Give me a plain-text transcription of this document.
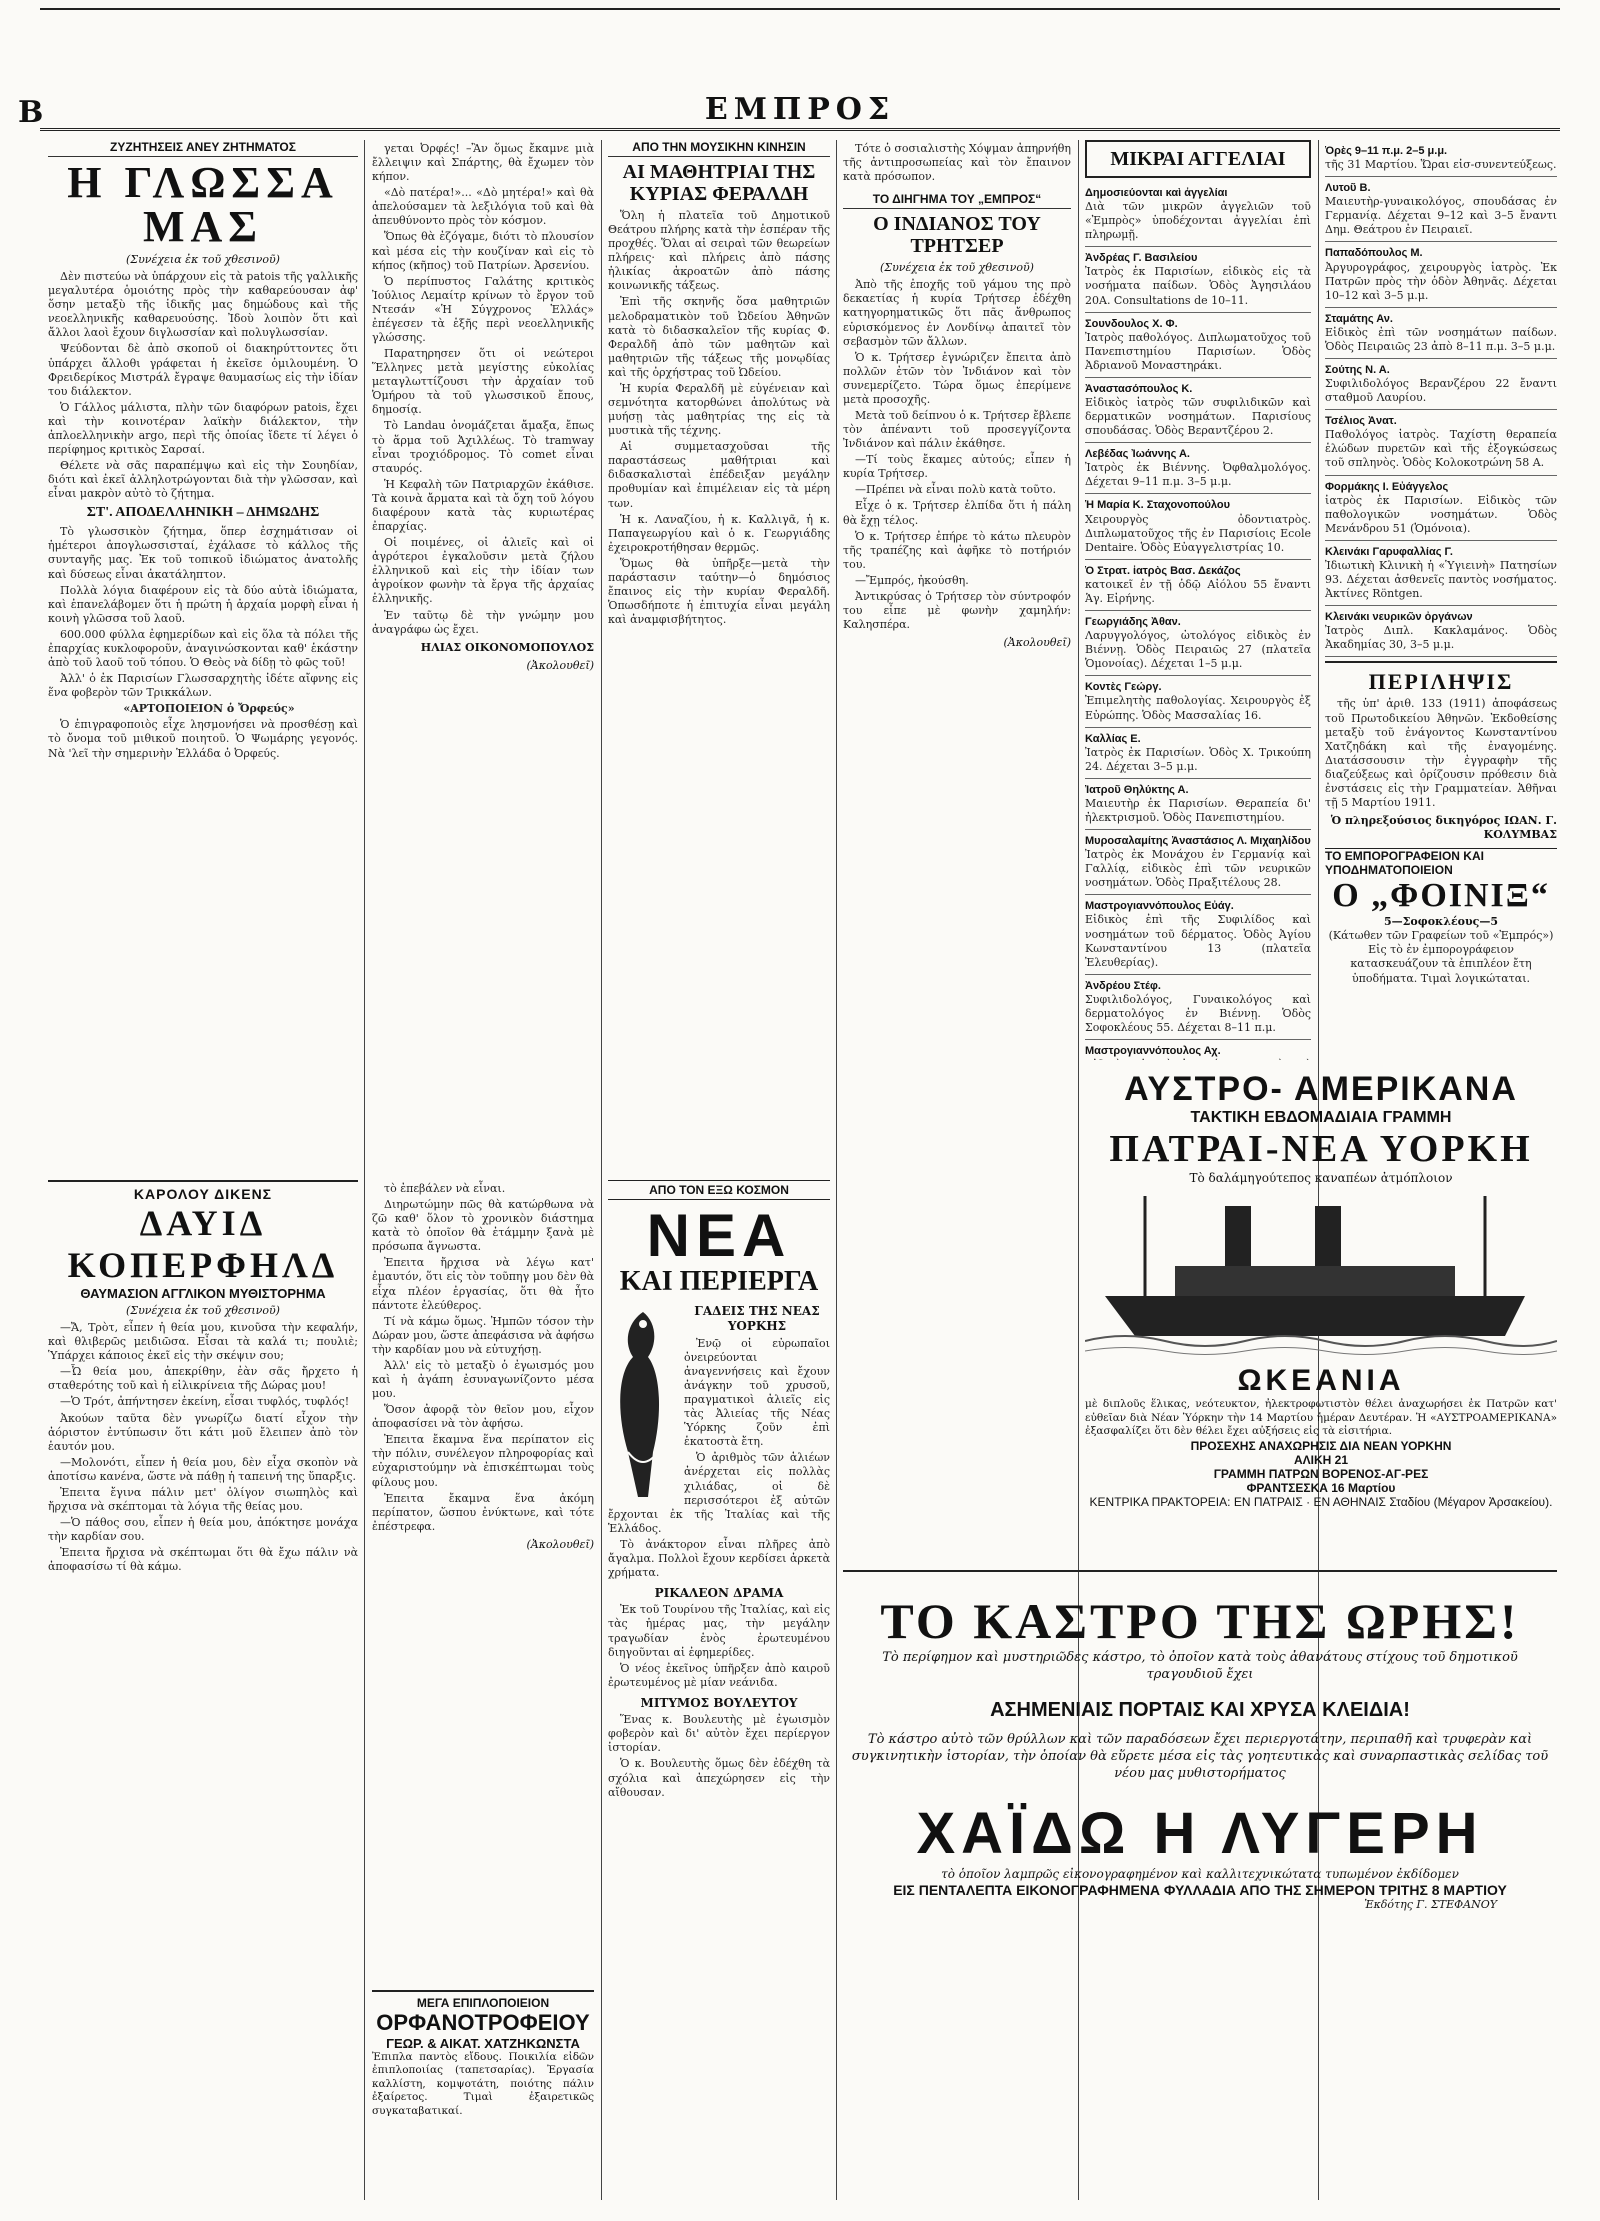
Β	ΕΜΠΡΟΣ
ΖΥΖΗΤΗΣΕΙΣ ΑΝΕΥ ΖΗΤΗΜΑΤΟΣ
Η ΓΛΩΣΣΑ ΜΑΣ
(Συνέχεια ἐκ τοῦ χθεσινοῦ)

Δὲν πιστεύω νὰ ὑπάρχουν εἰς τὰ patois τῆς γαλλικῆς μεγαλυτέρα ὁμοιότης πρὸς τὴν καθαρεύουσαν ἀφ' ὅσην μεταξὺ τῆς ἰδικῆς μας δημώδους καὶ τῆς νεοελληνικῆς καθαρευούσης. Ἰδοὺ λοιπὸν ὅτι καὶ ἄλλοι λαοὶ ἔχουν διγλωσσίαν καὶ πολυγλωσσίαν.

Ψεύδονται δὲ ἀπὸ σκοποῦ οἱ διακηρύττοντες ὅτι ὑπάρχει ἄλλοθι γράφεται ἡ ἐκεῖσε ὁμιλουμένη. Ὁ Φρειδερίκος Μιστράλ ἔγραψε θαυμασίως εἰς τὴν ἰδίαν του διάλεκτον.

Ὁ Γάλλος μάλιστα, πλὴν τῶν διαφόρων patois, ἔχει καὶ τὴν κοινοτέραν λαϊκὴν διάλεκτον, τὴν ἀπλοελληνικὴν argo, περὶ τῆς ὁποίας ἴδετε τί λέγει ὁ περίφημος κριτικὸς Σαρσαί.

Θέλετε νὰ σᾶς παραπέμψω καὶ εἰς τὴν Σουηδίαν, διότι καὶ ἐκεῖ ἀλληλοτρώγονται διὰ τὴν γλῶσσαν, καὶ εἶναι μακρὸν αὐτὸ τὸ ζήτημα.

ΣΤ'. ΑΠΟΔΕΛΛΗΝΙΚΗ – ΔΗΜΩΔΗΣ

Τὸ γλωσσικὸν ζήτημα, ὅπερ ἐσχημάτισαν οἱ ἡμέτεροι ἀπογλωσσισταί, ἐχάλασε τὸ κάλλος τῆς συνταγῆς μας. Ἐκ τοῦ τοπικοῦ ἰδιώματος ἀνατολῆς καὶ δύσεως εἶναι ἀκατάληπτον.

Πολλὰ λόγια διαφέρουν εἰς τὰ δύο αὐτὰ ἰδιώματα, καὶ ἐπανελάβομεν ὅτι ἡ πρώτη ἡ ἀρχαία μορφὴ εἶναι ἡ κοινὴ γλῶσσα τοῦ λαοῦ.

600.000 φύλλα ἐφημερίδων καὶ εἰς ὅλα τὰ πόλει τῆς ἐπαρχίας κυκλοφοροῦν, ἀναγινώσκονται καθ' ἑκάστην ἀπὸ τοῦ λαοῦ τοῦ τόπου. Ὁ Θεὸς νὰ δίδῃ τὸ φῶς τοῦ!

Ἀλλ' ὁ ἐκ Παρισίων Γλωσσαρχητὴς ἰδέτε αἴφνης εἰς ἕνα φοβερὸν τῶν Τρικκάλων.

«ΑΡΤΟΠΟΙΕΙΟΝ ὁ Ὄρφεύς»

Ὁ ἐπιγραφοποιὸς εἶχε λησμονήσει νὰ προσθέσῃ καὶ τὸ ὄνομα τοῦ μιθικοῦ ποιητοῦ. Ὁ Ψωμάρης γεγονός. Νὰ 'λεῖ τὴν σημερινὴν Ἑλλάδα ὁ Ὀρφεύς.

ΚΑΡΟΛΟΥ ΔΙΚΕΝΣ
ΔΑΥΙΔ ΚΟΠΕΡΦΗΛΔ
ΘΑΥΜΑΣΙΟΝ ΑΓΓΛΙΚΟΝ ΜΥΘΙΣΤΟΡΗΜΑ
(Συνέχεια ἐκ τοῦ χθεσινοῦ)

—Ἄ, Τρὸτ, εἶπεν ἡ θεία μου, κινοῦσα τὴν κεφαλήν, καὶ θλιβερῶς μειδιῶσα. Εἶσαι τὰ καλά τι; πουλιὲ; Ὑπάρχει κάποιος ἐκεῖ εἰς τὴν σκέψιν σου;

—Ὦ θεία μου, ἀπεκρίθην, ἐὰν σᾶς ἤρχετο ἡ σταθερότης τοῦ καὶ ἡ εἰλικρίνεια τῆς Δώρας μου!

—Ὁ Τρότ, ἀπήντησεν ἐκείνη, εἶσαι τυφλός, τυφλός!

Ἀκούων ταῦτα δὲν γνωρίζω διατί εἶχον τὴν ἀόριστον ἐντύπωσιν ὅτι κάτι μοῦ ἔλειπεν ἀπὸ τὸν ἑαυτόν μου.

—Μολονότι, εἶπεν ἡ θεία μου, δὲν εἶχα σκοπὸν νὰ ἀποτίσω κανένα, ὥστε νὰ πάθῃ ἡ ταπεινή της ὕπαρξις.

Ἐπειτα ἔγινα πάλιν μετ' ὀλίγον σιωπηλὸς καὶ ἤρχισα νὰ σκέπτομαι τὰ λόγια τῆς θείας μου.

—Ὁ πάθος σου, εἶπεν ἡ θεία μου, ἀπόκτησε μονάχα τὴν καρδίαν σου.

Ἐπειτα ἤρχισα νὰ σκέπτωμαι ὅτι θὰ ἔχω πάλιν νὰ ἀποφασίσω τί θὰ κάμω.

γεται Ὀρφές! –Ἂν ὅμως ἔκαμνε μιὰ ἔλλειψιν καὶ Σπάρτης, θὰ ἔχωμεν τὸν κήπον.

«Δὸ πατέρα!»... «Δὸ μητέρα!» καὶ θὰ ἀπελούσαμεν τὰ λεξιλόγια τοῦ καὶ θὰ ἀπευθύνοντο πρὸς τὸν κόσμον.

Ὅπως θὰ ἐζόγαμε, διότι τὸ πλουσίον καὶ μέσα εἰς τὴν κουζίναν καὶ εἰς τὸ κήπος (κῆπος) τοῦ Πατρίων. Ἀρσενίου.

Ὁ περίπυστος Γαλάτης κριτικὸς Ἰούλιος Λεμαίτρ κρίνων τὸ ἔργον τοῦ Ντεσάν «Ἡ Σύγχρονος Ἑλλάς» ἐπέγεσεν τὰ ἑξῆς περὶ νεοελληνικῆς γλώσσης.

Παρατηρησεν ὅτι οἱ νεώτεροι Ἕλληνες μετὰ μεγίστης εὐκολίας μεταγλωττίζουσι τὴν ἀρχαίαν τοῦ Ὁμήρου τὰ τοῦ γλωσσικοῦ ἔπους, δημοσίᾳ.

Τὸ Landau ὀνομάζεται ἄμαξα, ἔπως τὸ ἅρμα τοῦ Ἀχιλλέως. Τὸ tramway εἶναι τροχιόδρομος. Τὸ comet εἶναι σταυρός.

Ἡ Κεφαλὴ τῶν Πατριαρχῶν ἐκάθισε. Τὰ κοινὰ ἄρματα καὶ τὰ ὄχη τοῦ λόγου διαφέρουν κατὰ τὰς κυριωτέρας ἐπαρχίας.

Οἱ ποιμένες, οἱ ἀλιεῖς καὶ οἱ ἀγρότεροι ἐγκαλοῦσιν μετὰ ζήλου ἐλληνικοῦ καὶ εἰς τὴν ἰδίαν των ἀγροίκον φωνὴν τὰ ἔργα τῆς ἀρχαίας ἑλληνικῆς.

Ἐν ταῦτῳ δὲ τὴν γνώμην μου ἀναγράφω ὡς ἔχει.

ΗΛΙΑΣ ΟΙΚΟΝΟΜΟΠΟΥΛΟΣ
(Ἀκολουθεῖ)

τὸ ἐπεβάλεν νὰ εἶναι.

Διηρωτώμην πῶς θὰ κατώρθωνα νὰ ζῶ καθ' ὅλον τὸ χρονικὸν διάστημα κατὰ τὸ ὁποῖον θὰ ἐτάμμην ξανὰ μὲ πρόσωπα ἄγνωστα.

Ἐπειτα ἤρχισα νὰ λέγω κατ' ἐμαυτόν, ὅτι εἰς τὸν τοῦπηγ μου δὲν θὰ εἶχα πλέον ἐργασίας, ὅτι θὰ ἦτο πάντοτε ἐλεύθερος.

Τί νὰ κάμω ὅμως. Ἠμπῶν τόσον τὴν Δώραν μου, ὥστε ἀπεφάσισα νὰ ἀφήσω τὴν καρδίαν μου νὰ εὐτυχήσῃ.

Ἀλλ' εἰς τὸ μεταξὺ ὁ ἐγωισμός μου καὶ ἡ ἀγάπη ἐσυναγωνίζοντο μέσα μου.

Ὅσον ἀφορᾷ τὸν θεῖον μου, εἶχον ἀποφασίσει νὰ τὸν ἀφήσω.

Ἐπειτα ἔκαμνα ἕνα περίπατον εἰς τὴν πόλιν, συνέλεγον πληροφορίας καὶ εὐχαριστούμην νὰ ἐπισκέπτωμαι τοὺς φίλους μου.

Ἐπειτα ἔκαμνα ἕνα ἀκόμη περίπατον, ὥσπου ἐνύκτωνε, καὶ τότε ἐπέστρεφα.

(Ἀκολουθεῖ)
ΜΕΓΑ ΕΠΙΠΛΟΠΟΙΕΙΟΝ
ΟΡΦΑΝΟΤΡΟΦΕΙΟΥ
ΓΕΩΡ. & ΑΙΚΑΤ. ΧΑΤΖΗΚΩΝΣΤΑ
Ἐπιπλα παντὸς εἴδους. Ποικιλία εἰδῶν ἐπιπλοποιίας (ταπετσαρίας). Ἐργασία καλλίστη, κομψοτάτη, ποιότης πάλιν ἐξαίρετος. Τιμαὶ ἐξαιρετικῶς συγκαταβατικαί.
ΑΠΟ ΤΗΝ ΜΟΥΣΙΚΗΝ ΚΙΝΗΣΙΝ
ΑΙ ΜΑΘΗΤΡΙΑΙ ΤΗΣ ΚΥΡΙΑΣ ΦΕΡΑΛΔΗ

Ὅλη ἡ πλατεῖα τοῦ Δημοτικοῦ Θεάτρου πλήρης κατὰ τὴν ἑσπέραν τῆς προχθές. Ὅλαι αἱ σειραὶ τῶν θεωρείων πλήρεις· καὶ πλήρεις ἀπὸ πάσης ἡλικίας ἀκροατῶν ἀπὸ πάσης κοινωνικῆς τάξεως.

Ἐπὶ τῆς σκηνῆς ὅσα μαθητριῶν μελοδραματικὸν τοῦ Ὠδείου Ἀθηνῶν κατὰ τὸ διδασκαλεῖον τῆς κυρίας Φ. Φεραλδῆ ἀπὸ τῶν μαθητῶν καὶ μαθητριῶν τῆς τάξεως τῆς μονῳδίας καὶ τῆς ὀρχήστρας τοῦ Ὠδείου.

Ἡ κυρία Φεραλδῆ μὲ εὐγένειαν καὶ σεμνότητα κατορθώνει ἀπολύτως νὰ μυήσῃ τὰς μαθητρίας της εἰς τὰ μυστικὰ τῆς τέχνης.

Αἱ συμμετασχοῦσαι τῆς παραστάσεως μαθήτριαι καὶ διδασκαλισταὶ ἐπέδειξαν μεγάλην προθυμίαν καὶ ἐπιμέλειαν εἰς τὰ μέρη των.

Ἡ κ. Λαναζίου, ἡ κ. Καλλιγᾶ, ἡ κ. Παπαγεωργίου καὶ ὁ κ. Γεωργιάδης ἐχειροκροτήθησαν θερμῶς.

Ὅμως θὰ ὑπῆρξε—μετὰ τὴν παράστασιν ταύτην—ὁ δημόσιος ἔπαινος εἰς τὴν κυρίαν Φεραλδῆ. Ὁπωσδήποτε ἡ ἐπιτυχία εἶναι μεγάλη καὶ ἀναμφισβήτητος.

ΑΠΟ ΤΟΝ ΕΞΩ ΚΟΣΜΟΝ
ΝΕΑ
ΚΑΙ ΠΕΡΙΕΡΓΑ
ΓΑΔΕΙΣ ΤΗΣ ΝΕΑΣ ΥΟΡΚΗΣ

Ἐνῷ οἱ εὐρωπαῖοι ὀνειρεύονται ἀναγεννήσεις καὶ ἔχουν ἀνάγκην τοῦ χρυσοῦ, πραγματικοὶ ἀλιεῖς εἰς τὰς Ἀλιείας τῆς Νέας Ὑόρκης ζοῦν ἐπὶ ἑκατοστὰ ἔτη.

Ὁ ἀριθμὸς τῶν ἁλιέων ἀνέρχεται εἰς πολλὰς χιλιάδας, οἱ δὲ περισσότεροι ἐξ αὐτῶν ἔρχονται ἐκ τῆς Ἰταλίας καὶ τῆς Ἑλλάδος.

Τὸ ἀνάκτορον εἶναι πλῆρες ἀπὸ ἄγαλμα. Πολλοὶ ἔχουν κερδίσει ἀρκετὰ χρήματα.

ΡΙΚΑΛΕΟΝ ΔΡΑΜΑ

Ἐκ τοῦ Τουρίνου τῆς Ἰταλίας, καὶ εἰς τὰς ἡμέρας μας, τὴν μεγάλην τραγωδίαν ἑνὸς ἐρωτευμένου διηγοῦνται αἱ ἐφημερίδες.

Ὁ νέος ἐκεῖνος ὑπῆρξεν ἀπὸ καιροῦ ἐρωτευμένος μὲ μίαν νεάνιδα.

ΜΙΤΥΜΟΣ ΒΟΥΛΕΥΤΟΥ

Ἕνας κ. Βουλευτὴς μὲ ἐγωισμὸν φοβερὸν καὶ δι' αὐτὸν ἔχει περίεργον ἱστορίαν.

Ὁ κ. Βουλευτὴς ὅμως δὲν ἐδέχθη τὰ σχόλια καὶ ἀπεχώρησεν εἰς τὴν αἴθουσαν.

Τότε ὁ σοσιαλιστὴς Χόψμαν ἀπηρνήθη τῆς ἀντιπροσωπείας καὶ τὸν ἔπαινον κατὰ πρόσωπον.

ΤΟ ΔΙΗΓΗΜΑ ΤΟΥ „ΕΜΠΡΟΣ“
Ο ΙΝΔΙΑΝΟΣ ΤΟΥ ΤΡΗΤΣΕΡ
(Συνέχεια ἐκ τοῦ χθεσινοῦ)

Ἀπὸ τῆς ἐποχῆς τοῦ γάμου της πρὸ δεκαετίας ἡ κυρία Τρήτσερ ἐδέχθη κατηγορηματικῶς ὅτι πᾶς ἄνθρωπος εὑρισκόμενος ἐν Λονδίνῳ ἀπαιτεῖ τὸν σεβασμὸν τῶν ἄλλων.

Ὁ κ. Τρήτσερ ἐγνώριζεν ἔπειτα ἀπὸ πολλῶν ἐτῶν τὸν Ἰνδιάνον καὶ τὸν συνεμερίζετο. Τώρα ὅμως ἐπερίμενε μετὰ προσοχῆς.

Μετὰ τοῦ δείπνου ὁ κ. Τρήτσερ ἔβλεπε τὸν ἀπέναντι τοῦ προσεγγίζοντα Ἰνδιάνον καὶ πάλιν ἐκάθησε.

—Τί τοὺς ἔκαμες αὐτούς; εἶπεν ἡ κυρία Τρήτσερ.

—Πρέπει νὰ εἶναι πολὺ κατὰ τοῦτο.

Εἶχε ὁ κ. Τρήτσερ ἐλπίδα ὅτι ἡ πάλη θὰ ἔχῃ τέλος.

Ὁ κ. Τρήτσερ ἐπήρε τὸ κάτω πλευρὸν τῆς τραπέζης καὶ ἀφῆκε τὸ ποτήριόν του.

—Ἔμπρός, ἠκούσθη.

Ἀντικρύσας ὁ Τρήτσερ τὸν σύντροφόν του εἶπε μὲ φωνὴν χαμηλήν: Καλησπέρα.

(Ἀκολουθεῖ)
ΜΙΚΡΑΙ ΑΓΓΕΛΙΑΙ
Δημοσιεύονται καὶ ἀγγελίαι
Διὰ τῶν μικρῶν ἀγγελιῶν τοῦ «Ἐμπρὸς» ὑποδέχονται ἀγγελίαι ἐπὶ πληρωμῇ.
Ἀνδρέας Γ. Βασιλείου
Ἰατρὸς ἐκ Παρισίων, εἰδικὸς εἰς τὰ νοσήματα παίδων. Ὁδὸς Ἀγησιλάου 20Α. Consultations de 10–11.
Σουνδουλος Χ. Φ.
Ἰατρὸς παθολόγος. Διπλωματοῦχος τοῦ Πανεπιστημίου Παρισίων. Ὁδὸς Ἀδριανοῦ Μοναστηράκι.
Ἀναστασόπουλος Κ.
Εἰδικὸς ἰατρὸς τῶν συφιλιδικῶν καὶ δερματικῶν νοσημάτων. Παρισίους σπουδάσας. Ὁδὸς Βεραντζέρου 2.
Λεβέδας Ἰωάννης Α.
Ἰατρὸς ἐκ Βιέννης. Ὀφθαλμολόγος. Δέχεται 9–11 π.μ. 3–5 μ.μ.
Ἡ Μαρία Κ. Σταχονοπούλου
Χειρουργὸς ὀδοντιατρὸς. Διπλωματοῦχος τῆς ἐν Παρισίοις Ecole Dentaire. Ὁδὸς Εὐαγγελιστρίας 10.
Ὁ Στρατ. ἰατρὸς Βασ. Δεκάζος
κατοικεῖ ἐν τῇ ὁδῷ Αἰόλου 55 ἔναντι Ἁγ. Εἰρήνης.
Γεωργιάδης Ἀθαν.
Λαρυγγολόγος, ὠτολόγος εἰδικὸς ἐν Βιέννῃ. Ὁδὸς Πειραιῶς 27 (πλατεῖα Ὁμονοίας). Δέχεται 1–5 μ.μ.
Κοντὲς Γεώργ.
Ἐπιμελητὴς παθολογίας. Χειρουργὸς ἐξ Εὐρώπης. Ὁδὸς Μασσαλίας 16.
Καλλίας Ε.
Ἰατρὸς ἐκ Παρισίων. Ὁδὸς Χ. Τρικούπη 24. Δέχεται 3–5 μ.μ.
Ἰατροῦ Θηλύκτης Α.
Μαιευτὴρ ἐκ Παρισίων. Θεραπεία δι' ἠλεκτρισμοῦ. Ὁδὸς Πανεπιστημίου.
Μυροσαλαμίτης Ἀναστάσιος Λ. Μιχαηλίδου
Ἰατρὸς ἐκ Μονάχου ἐν Γερμανίᾳ καὶ Γαλλίᾳ, εἰδικὸς ἐπὶ τῶν νευρικῶν νοσημάτων. Ὁδὸς Πραξιτέλους 28.
Μαστρογιαννόπουλος Εὐάγ.
Εἰδικὸς ἐπὶ τῆς Συφιλίδος καὶ νοσημάτων τοῦ δέρματος. Ὁδὸς Ἀγίου Κωνσταντίνου 13 (πλατεῖα Ἐλευθερίας).
Ἀνδρέου Στέφ.
Συφιλιδολόγος, Γυναικολόγος καὶ δερματολόγος ἐν Βιέννῃ. Ὁδὸς Σοφοκλέους 55. Δέχεται 8–11 π.μ.
Μαστρογιαννόπουλος Αχ.
Ὁρὲς 9–11 π.μ. 2–5 μ.μ.
τῆς 31 Μαρτίου. Ὥραι εἰσ-συνεντεύξεως.
Λυτοῦ Β.
Μαιευτὴρ-γυναικολόγος, σπουδάσας ἐν Γερμανίᾳ. Δέχεται 9–12 καὶ 3–5 ἔναντι Δημ. Θεάτρου ἐν Πειραιεῖ.
Παπαδόπουλος Μ.
Ἀργυρογράφος, χειρουργὸς ἰατρὸς. Ἐκ Πατρῶν πρὸς τὴν ὁδὸν Ἀθηνᾶς. Δέχεται 10–12 καὶ 3–5 μ.μ.
Σταμάτης Αν.
Εἰδικὸς ἐπὶ τῶν νοσημάτων παίδων. Ὁδὸς Πειραιῶς 23 ἀπὸ 8–11 π.μ. 3–5 μ.μ.
Σούτης Ν. Α.
Συφιλιδολόγος Βερανζέρου 22 ἔναντι σταθμοῦ Λαυρίου.
Τσέλιος Ἀνατ.
Παθολόγος ἰατρὸς. Ταχίστη θεραπεία ἑλώδων πυρετῶν καὶ τῆς ἐξογκώσεως τοῦ σπληνὸς. Ὁδὸς Κολοκοτρώνη 58 Α.
Φορμάκης Ι. Εὐάγγελος
ἰατρὸς ἐκ Παρισίων. Εἰδικὸς τῶν παθολογικῶν νοσημάτων. Ὁδὸς Μενάνδρου 51 (Ὁμόνοια).
Κλεινάκι Γαρυφαλλίας Γ.
Ἰδιωτικὴ Κλινικὴ ἡ «Ὑγιεινὴ» Πατησίων 93. Δέχεται ἀσθενεῖς παντὸς νοσήματος. Ἀκτίνες Röntgen.
Κλεινάκι νευρικῶν ὀργάνων
Ἰατρὸς Διπλ. Κακλαμάνος. Ὁδὸς Ἀκαδημίας 30, 3–5 μ.μ.
ΠΕΡΙΛΗΨΙΣ
τῆς ὑπ' ἀριθ. 133 (1911) ἀποφάσεως τοῦ Πρωτοδικείου Ἀθηνῶν. Ἐκδοθείσης μεταξὺ τοῦ ἐνάγοντος Κωνσταντίνου Χατζηδάκη καὶ τῆς ἐναγομένης. Διατάσσουσιν τὴν ἐγγραφὴν τῆς διαζεύξεως καὶ ὁρίζουσιν πρόθεσιν διὰ ἐνστάσεις εἰς τὴν Γραμματείαν. Ἀθῆναι τῇ 5 Μαρτίου 1911.
Ὁ πληρεξούσιος δικηγόρος ΙΩΑΝ. Γ. ΚΟΛΥΜΒΑΣ
ΤΟ ΕΜΠΟΡΟΓΡΑΦΕΙΟΝ ΚΑΙ ΥΠΟΔΗΜΑΤΟΠΟΙΕΙΟΝ
Ο „ΦΟΙΝΙΞ“
5—Σοφοκλέους—5
(Κάτωθεν τῶν Γραφείων τοῦ «Ἐμπρός») Εἰς τὸ ἐν ἐμπορογράφειον κατασκευάζουν τὰ ἐπιπλέον ἔτη ὑποδήματα. Τιμαὶ λογικώταται.
ΑΥΣΤΡΟ- ΑΜΕΡΙΚΑΝΑ
ΤΑΚΤΙΚΗ ΕΒΔΟΜΑΔΙΑΙΑ ΓΡΑΜΜΗ
ΠΑΤΡΑΙ-ΝΕΑ ΥΟΡΚΗ
Τὸ δαλάμηγούτεπος καναπέων ἀτμόπλοιον
ΩΚΕΑΝΙΑ
μὲ διπλοῦς ἕλικας, νεότευκτον, ἠλεκτροφωτιστὸν θέλει ἀναχωρήσει ἐκ Πατρῶν κατ' εὐθεῖαν διὰ Νέαν Ὑόρκην τὴν 14 Μαρτίου ἡμέραν Δευτέραν. Ἡ «ΑΥΣΤΡΟΑΜΕΡΙΚΑΝΑ» ἐξασφαλίζει ὅτι δὲν θέλει ἔχει αὐξήσεις εἰς τὰ εἰσιτήρια.
ΠΡΟΣΕΧΗΣ ΑΝΑΧΩΡΗΣΙΣ ΔΙΑ ΝΕΑΝ ΥΟΡΚΗΝ
ΑΛΙΚΗ 21
ΓΡΑΜΜΗ ΠΑΤΡΩΝ ΒΟΡΕΝΟΣ-ΑΓ-ΡΕΣ
ΦΡΑΝΤΣΕΣΚΑ 16 Μαρτίου
ΚΕΝΤΡΙΚΑ ΠΡΑΚΤΟΡΕΙΑ: ΕΝ ΠΑΤΡΑΙΣ · ΕΝ ΑΘΗΝΑΙΣ Σταδίου (Μέγαρον Ἀρσακείου).
ΤΟ ΚΑΣΤΡΟ ΤΗΣ ΩΡΗΣ!
Τὸ περίφημον καὶ μυστηριῶδες κάστρο, τὸ ὁποῖον κατὰ τοὺς ἀθανάτους στίχους τοῦ δημοτικοῦ τραγουδιοῦ ἔχει
ΑΣΗΜΕΝΙΑΙΣ ΠΟΡΤΑΙΣ ΚΑΙ ΧΡΥΣΑ ΚΛΕΙΔΙΑ!
Τὸ κάστρο αὐτὸ τῶν θρύλλων καὶ τῶν παραδόσεων ἔχει περιεργοτάτην, περιπαθῆ καὶ τρυφερὰν καὶ συγκινητικὴν ἱστορίαν, τὴν ὁποίαν θὰ εὕρετε μέσα εἰς τὰς γοητευτικὰς καὶ συναρπαστικὰς σελίδας τοῦ νέου μας μυθιστορήματος
ΧΑΪΔΩ Η ΛΥΓΕΡΗ
τὸ ὁποῖον λαμπρῶς εἰκονογραφημένον καὶ καλλιτεχνικώτατα τυπωμένον ἐκδίδομεν
ΕΙΣ ΠΕΝΤΑΛΕΠΤΑ ΕΙΚΟΝΟΓΡΑΦΗΜΕΝΑ ΦΥΛΛΑΔΙΑ ΑΠΟ ΤΗΣ ΣΗΜΕΡΟΝ ΤΡΙΤΗΣ 8 ΜΑΡΤΙΟΥ
Ἐκδότης Γ. ΣΤΕΦΑΝΟΥ
